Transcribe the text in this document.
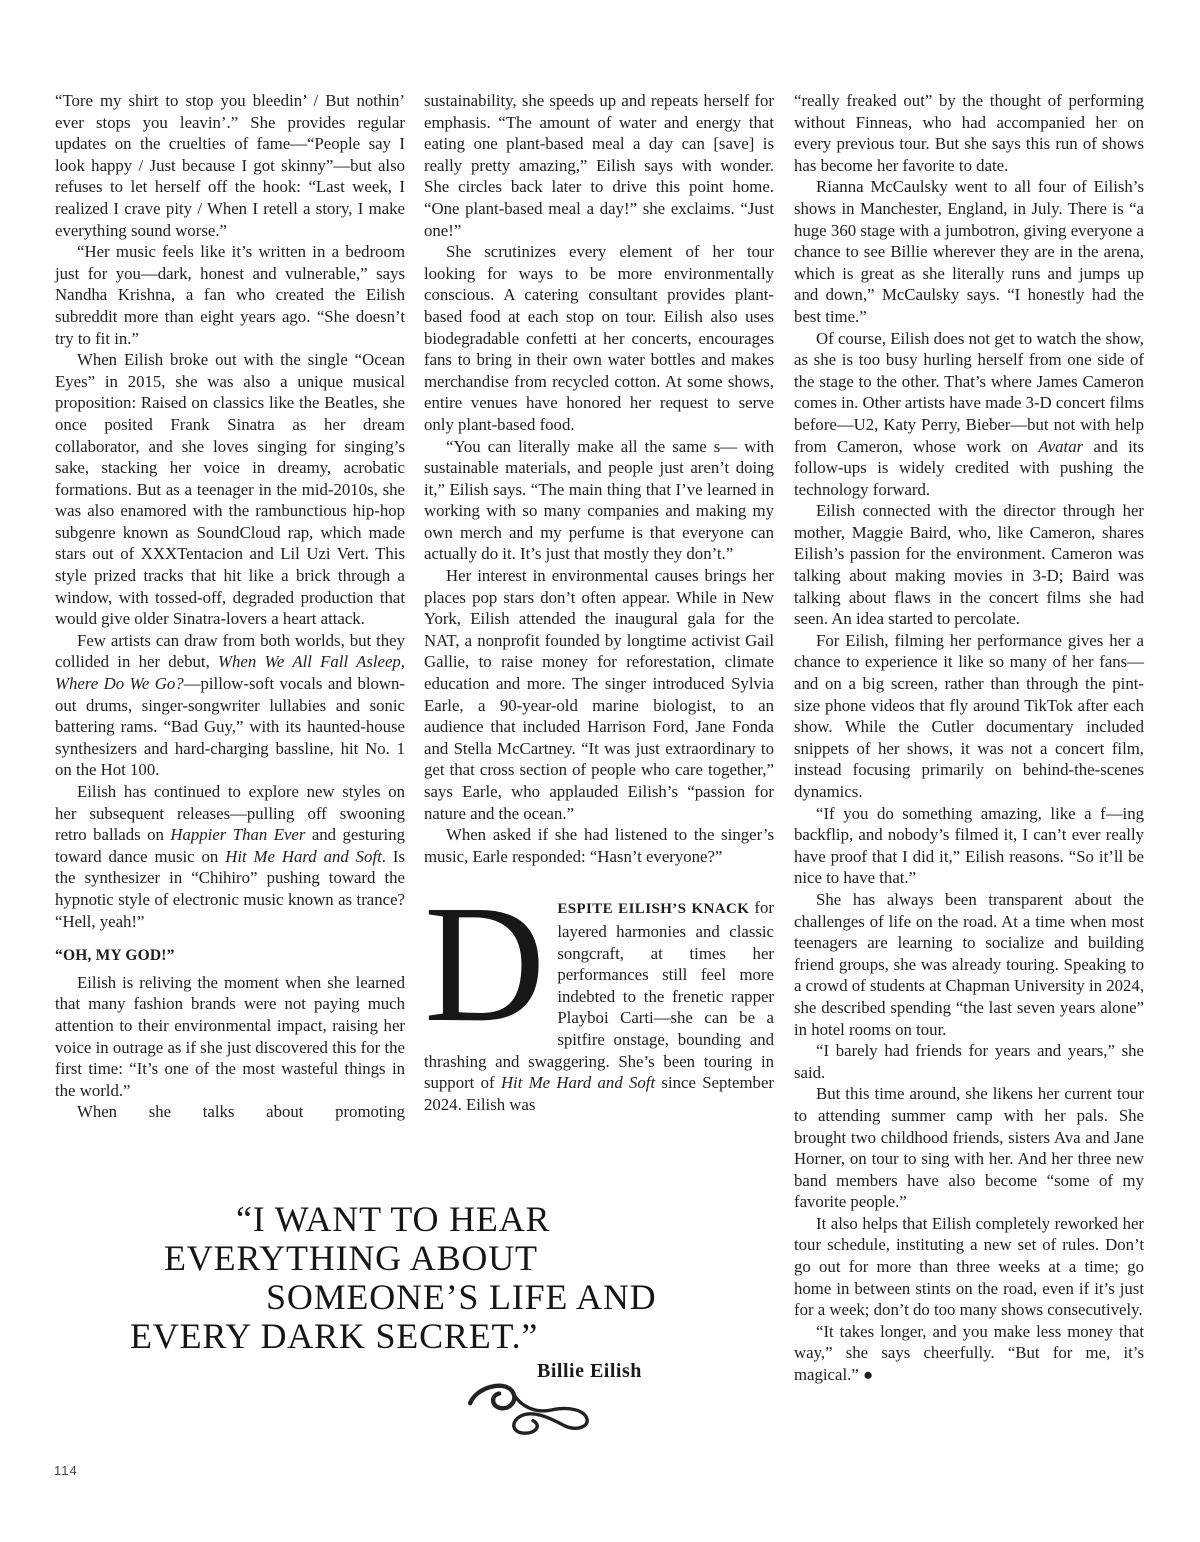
“Tore my shirt to stop you bleedin’ / But nothin’ ever stops you leavin’.” She provides regular updates on the cruelties of fame—“People say I look happy / Just because I got skinny”—but also refuses to let herself off the hook: “Last week, I realized I crave pity / When I retell a story, I make everything sound worse.”

“Her music feels like it’s written in a bedroom just for you—dark, honest and vulnerable,” says Nandha Krishna, a fan who created the Eilish subreddit more than eight years ago. “She doesn’t try to fit in.”

When Eilish broke out with the single “Ocean Eyes” in 2015, she was also a unique musical proposition: Raised on classics like the Beatles, she once posited Frank Sinatra as her dream collaborator, and she loves singing for singing’s sake, stacking her voice in dreamy, acrobatic formations. But as a teenager in the mid-2010s, she was also enamored with the rambunctious hip-hop subgenre known as SoundCloud rap, which made stars out of XXXTentacion and Lil Uzi Vert. This style prized tracks that hit like a brick through a window, with tossed-off, degraded production that would give older Sinatra-lovers a heart attack.

Few artists can draw from both worlds, but they collided in her debut, When We All Fall Asleep, Where Do We Go?—pillow-soft vocals and blown-out drums, singer-songwriter lullabies and sonic battering rams. “Bad Guy,” with its haunted-house synthesizers and hard-charging bassline, hit No. 1 on the Hot 100.

Eilish has continued to explore new styles on her subsequent releases—pulling off swooning retro ballads on Happier Than Ever and gesturing toward dance music on Hit Me Hard and Soft. Is the synthesizer in “Chihiro” pushing toward the hypnotic style of electronic music known as trance? “Hell, yeah!”

“OH, MY GOD!”

Eilish is reliving the moment when she learned that many fashion brands were not paying much attention to their environmental impact, raising her voice in outrage as if she just discovered this for the first time: “It’s one of the most wasteful things in the world.”

When she talks about promoting

sustainability, she speeds up and repeats herself for emphasis. “The amount of water and energy that eating one plant-based meal a day can [save] is really pretty amazing,” Eilish says with wonder. She circles back later to drive this point home. “One plant-based meal a day!” she exclaims. “Just one!”

She scrutinizes every element of her tour looking for ways to be more environmentally conscious. A catering consultant provides plant-based food at each stop on tour. Eilish also uses biodegradable confetti at her concerts, encourages fans to bring in their own water bottles and makes merchandise from recycled cotton. At some shows, entire venues have honored her request to serve only plant-based food.

“You can literally make all the same s— with sustainable materials, and people just aren’t doing it,” Eilish says. “The main thing that I’ve learned in working with so many companies and making my own merch and my perfume is that everyone can actually do it. It’s just that mostly they don’t.”

Her interest in environmental causes brings her places pop stars don’t often appear. While in New York, Eilish attended the inaugural gala for the NAT, a nonprofit founded by longtime activist Gail Gallie, to raise money for reforestation, climate education and more. The singer introduced Sylvia Earle, a 90-year-old marine biologist, to an audience that included Harrison Ford, Jane Fonda and Stella McCartney. “It was just extraordinary to get that cross section of people who care together,” says Earle, who applauded Eilish’s “passion for nature and the ocean.”

When asked if she had listened to the singer’s music, Earle responded: “Hasn’t everyone?”

DESPITE EILISH’S KNACK for layered harmonies and classic songcraft, at times her performances still feel more indebted to the frenetic rapper Playboi Carti—she can be a spitfire onstage, bounding and thrashing and swaggering. She’s been touring in support of Hit Me Hard and Soft since September 2024. Eilish was

“really freaked out” by the thought of performing without Finneas, who had accompanied her on every previous tour. But she says this run of shows has become her favorite to date.

Rianna McCaulsky went to all four of Eilish’s shows in Manchester, England, in July. There is “a huge 360 stage with a jumbotron, giving everyone a chance to see Billie wherever they are in the arena, which is great as she literally runs and jumps up and down,” McCaulsky says. “I honestly had the best time.”

Of course, Eilish does not get to watch the show, as she is too busy hurling herself from one side of the stage to the other. That’s where James Cameron comes in. Other artists have made 3-D concert films before—U2, Katy Perry, Bieber—but not with help from Cameron, whose work on Avatar and its follow-ups is widely credited with pushing the technology forward.

Eilish connected with the director through her mother, Maggie Baird, who, like Cameron, shares Eilish’s passion for the environment. Cameron was talking about making movies in 3-D; Baird was talking about flaws in the concert films she had seen. An idea started to percolate.

For Eilish, filming her performance gives her a chance to experience it like so many of her fans—and on a big screen, rather than through the pint-size phone videos that fly around TikTok after each show. While the Cutler documentary included snippets of her shows, it was not a concert film, instead focusing primarily on behind-the-scenes dynamics.

“If you do something amazing, like a f—ing backflip, and nobody’s filmed it, I can’t ever really have proof that I did it,” Eilish reasons. “So it’ll be nice to have that.”

She has always been transparent about the challenges of life on the road. At a time when most teenagers are learning to socialize and building friend groups, she was already touring. Speaking to a crowd of students at Chapman University in 2024, she described spending “the last seven years alone” in hotel rooms on tour.

“I barely had friends for years and years,” she said.

But this time around, she likens her current tour to attending summer camp with her pals. She brought two childhood friends, sisters Ava and Jane Horner, on tour to sing with her. And her three new band members have also become “some of my favorite people.”

It also helps that Eilish completely reworked her tour schedule, instituting a new set of rules. Don’t go out for more than three weeks at a time; go home in between stints on the road, even if it’s just for a week; don’t do too many shows consecutively.

“It takes longer, and you make less money that way,” she says cheerfully. “But for me, it’s magical.” ●

“I WANT TO HEAR
EVERYTHING ABOUT
SOMEONE’S LIFE AND
EVERY DARK SECRET.”
Billie Eilish
114
